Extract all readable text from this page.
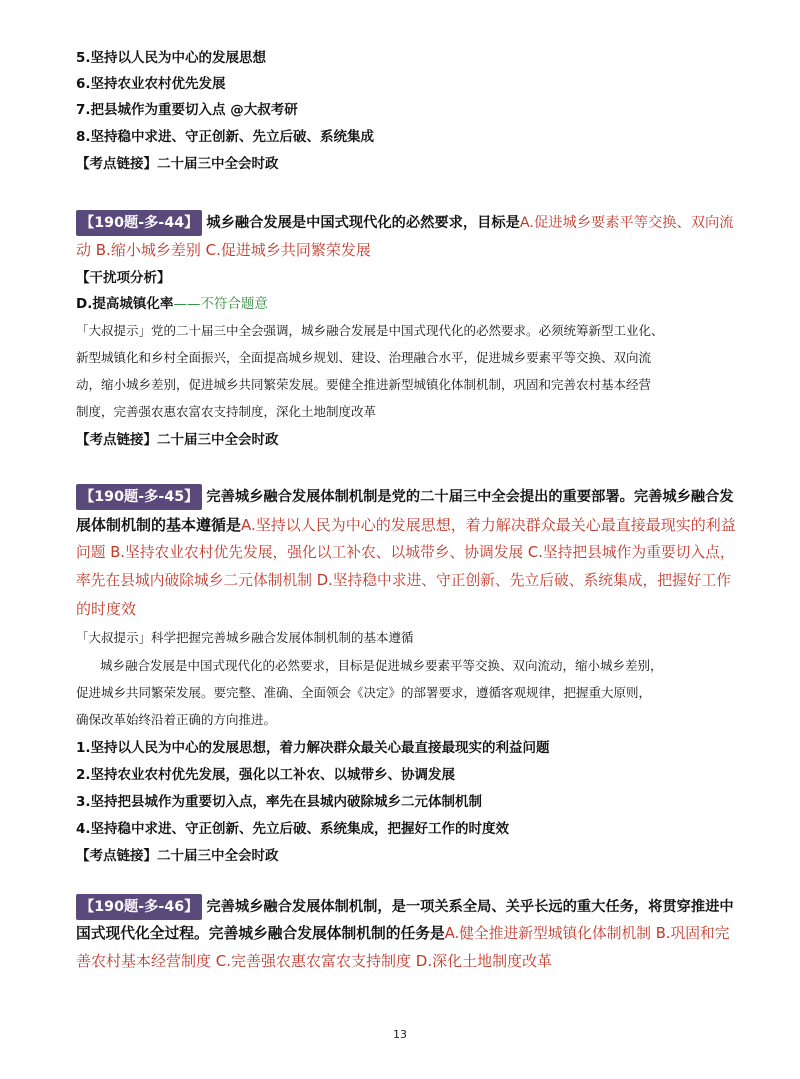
5.坚持以人民为中心的发展思想
6.坚持农业农村优先发展
7.把县城作为重要切入点 @大叔考研
8.坚持稳中求进、守正创新、先立后破、系统集成
【考点链接】二十届三中全会时政
【190题-多-44】 城乡融合发展是中国式现代化的必然要求，目标是A.促进城乡要素平等交换、双向流
动 B.缩小城乡差别 C.促进城乡共同繁荣发展
【干扰项分析】
D.提高城镇化率——不符合题意
「大叔提示」党的二十届三中全会强调，城乡融合发展是中国式现代化的必然要求。必须统筹新型工业化、
新型城镇化和乡村全面振兴，全面提高城乡规划、建设、治理融合水平，促进城乡要素平等交换、双向流
动，缩小城乡差别，促进城乡共同繁荣发展。要健全推进新型城镇化体制机制，巩固和完善农村基本经营
制度，完善强农惠农富农支持制度，深化土地制度改革
【考点链接】二十届三中全会时政
【190题-多-45】 完善城乡融合发展体制机制是党的二十届三中全会提出的重要部署。完善城乡融合发
展体制机制的基本遵循是A.坚持以人民为中心的发展思想，着力解决群众最关心最直接最现实的利益
问题 B.坚持农业农村优先发展，强化以工补农、以城带乡、协调发展 C.坚持把县城作为重要切入点，
率先在县城内破除城乡二元体制机制 D.坚持稳中求进、守正创新、先立后破、系统集成，把握好工作
的时度效
「大叔提示」科学把握完善城乡融合发展体制机制的基本遵循
城乡融合发展是中国式现代化的必然要求，目标是促进城乡要素平等交换、双向流动，缩小城乡差别，
促进城乡共同繁荣发展。要完整、准确、全面领会《决定》的部署要求，遵循客观规律，把握重大原则，
确保改革始终沿着正确的方向推进。
1.坚持以人民为中心的发展思想，着力解决群众最关心最直接最现实的利益问题
2.坚持农业农村优先发展，强化以工补农、以城带乡、协调发展
3.坚持把县城作为重要切入点，率先在县城内破除城乡二元体制机制
4.坚持稳中求进、守正创新、先立后破、系统集成，把握好工作的时度效
【考点链接】二十届三中全会时政
【190题-多-46】 完善城乡融合发展体制机制，是一项关系全局、关乎长远的重大任务，将贯穿推进中
国式现代化全过程。完善城乡融合发展体制机制的任务是A.健全推进新型城镇化体制机制 B.巩固和完
善农村基本经营制度 C.完善强农惠农富农支持制度 D.深化土地制度改革
13
